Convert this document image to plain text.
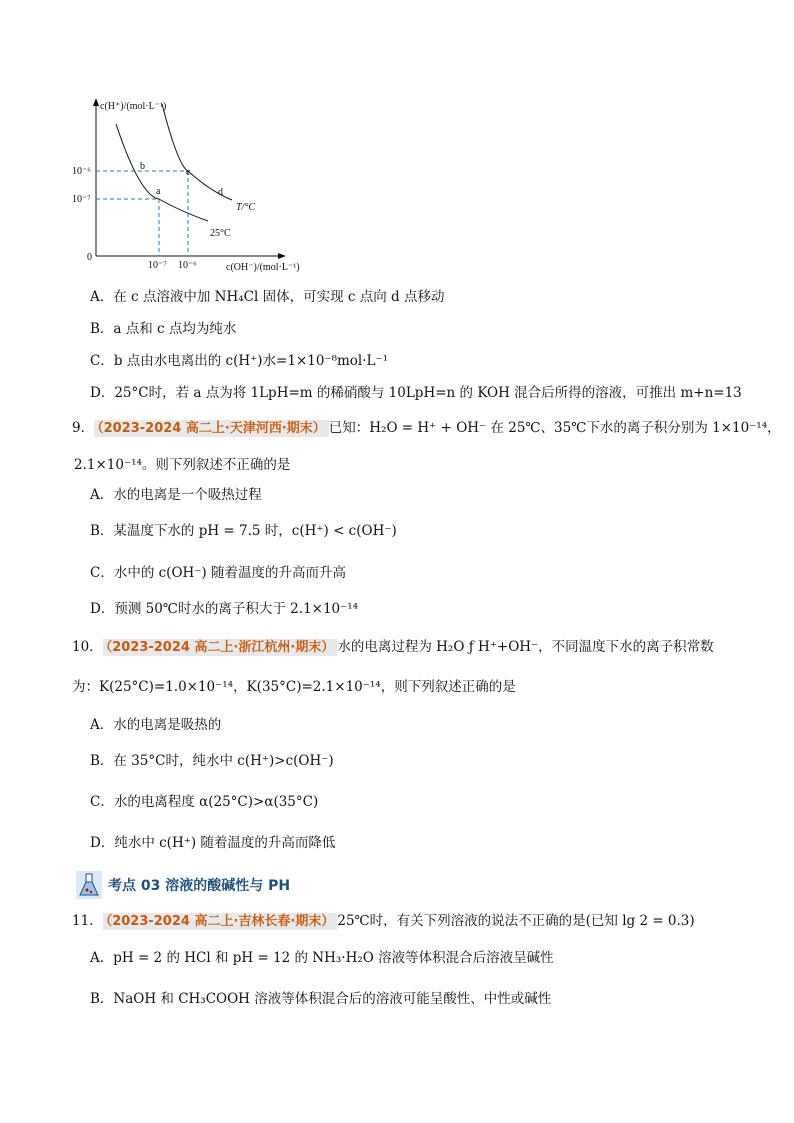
c(H⁺)/(mol·L⁻¹)
c(OH⁻)/(mol·L⁻¹)
0
10⁻⁶
10⁻⁷
10⁻⁷ 10⁻⁶
a
b
c
d
T/°C
25°C
A．在 c 点溶液中加 NH₄Cl 固体，可实现 c 点向 d 点移动
B．a 点和 c 点均为纯水
C．b 点由水电离出的 c(H⁺)水=1×10⁻⁸mol·L⁻¹
D．25°C时，若 a 点为将 1LpH=m 的稀硝酸与 10LpH=n 的 KOH 混合后所得的溶液，可推出 m+n=13
9． （2023-2024 高二上·天津河西·期末） 已知：H₂O = H⁺ + OH⁻ 在 25℃、35℃下水的离子积分别为 1×10⁻¹⁴，
2.1×10⁻¹⁴。则下列叙述不正确的是
A．水的电离是一个吸热过程
B．某温度下水的 pH = 7.5 时，c(H⁺) < c(OH⁻)
C．水中的 c(OH⁻) 随着温度的升高而升高
D．预测 50℃时水的离子积大于 2.1×10⁻¹⁴
10． （2023-2024 高二上·浙江杭州·期末） 水的电离过程为 H₂O ƒ H⁺+OH⁻，不同温度下水的离子积常数
为：K(25°C)=1.0×10⁻¹⁴，K(35°C)=2.1×10⁻¹⁴，则下列叙述正确的是
A．水的电离是吸热的
B．在 35°C时，纯水中 c(H⁺)>c(OH⁻)
C．水的电离程度 α(25°C)>α(35°C)
D．纯水中 c(H⁺) 随着温度的升高而降低
考点 03 溶液的酸碱性与 PH
11． （2023-2024 高二上·吉林长春·期末） 25℃时，有关下列溶液的说法不正确的是(已知 lg 2 = 0.3)
A．pH = 2 的 HCl 和 pH = 12 的 NH₃·H₂O 溶液等体积混合后溶液呈碱性
B．NaOH 和 CH₃COOH 溶液等体积混合后的溶液可能呈酸性、中性或碱性
